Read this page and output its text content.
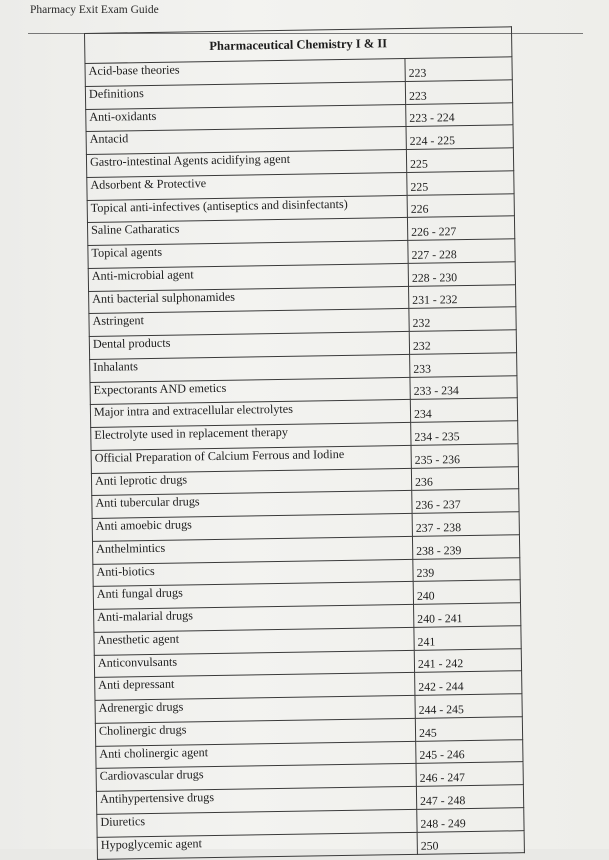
Pharmacy Exit Exam Guide
Pharmaceutical Chemistry I & II	
Acid-base theories	223
Definitions	223
Anti-oxidants	223 - 224
Antacid	224 - 225
Gastro-intestinal Agents acidifying agent	225
Adsorbent & Protective	225
Topical anti-infectives (antiseptics and disinfectants)	226
Saline Catharatics	226 - 227
Topical agents	227 - 228
Anti-microbial agent	228 - 230
Anti bacterial sulphonamides	231 - 232
Astringent	232
Dental products	232
Inhalants	233
Expectorants AND emetics	233 - 234
Major intra and extracellular electrolytes	234
Electrolyte used in replacement therapy	234 - 235
Official Preparation of Calcium Ferrous and Iodine	235 - 236
Anti leprotic drugs	236
Anti tubercular drugs	236 - 237
Anti amoebic drugs	237 - 238
Anthelmintics	238 - 239
Anti-biotics	239
Anti fungal drugs	240
Anti-malarial drugs	240 - 241
Anesthetic agent	241
Anticonvulsants	241 - 242
Anti depressant	242 - 244
Adrenergic drugs	244 - 245
Cholinergic drugs	245
Anti cholinergic agent	245 - 246
Cardiovascular drugs	246 - 247
Antihypertensive drugs	247 - 248
Diuretics	248 - 249
Hypoglycemic agent	250
